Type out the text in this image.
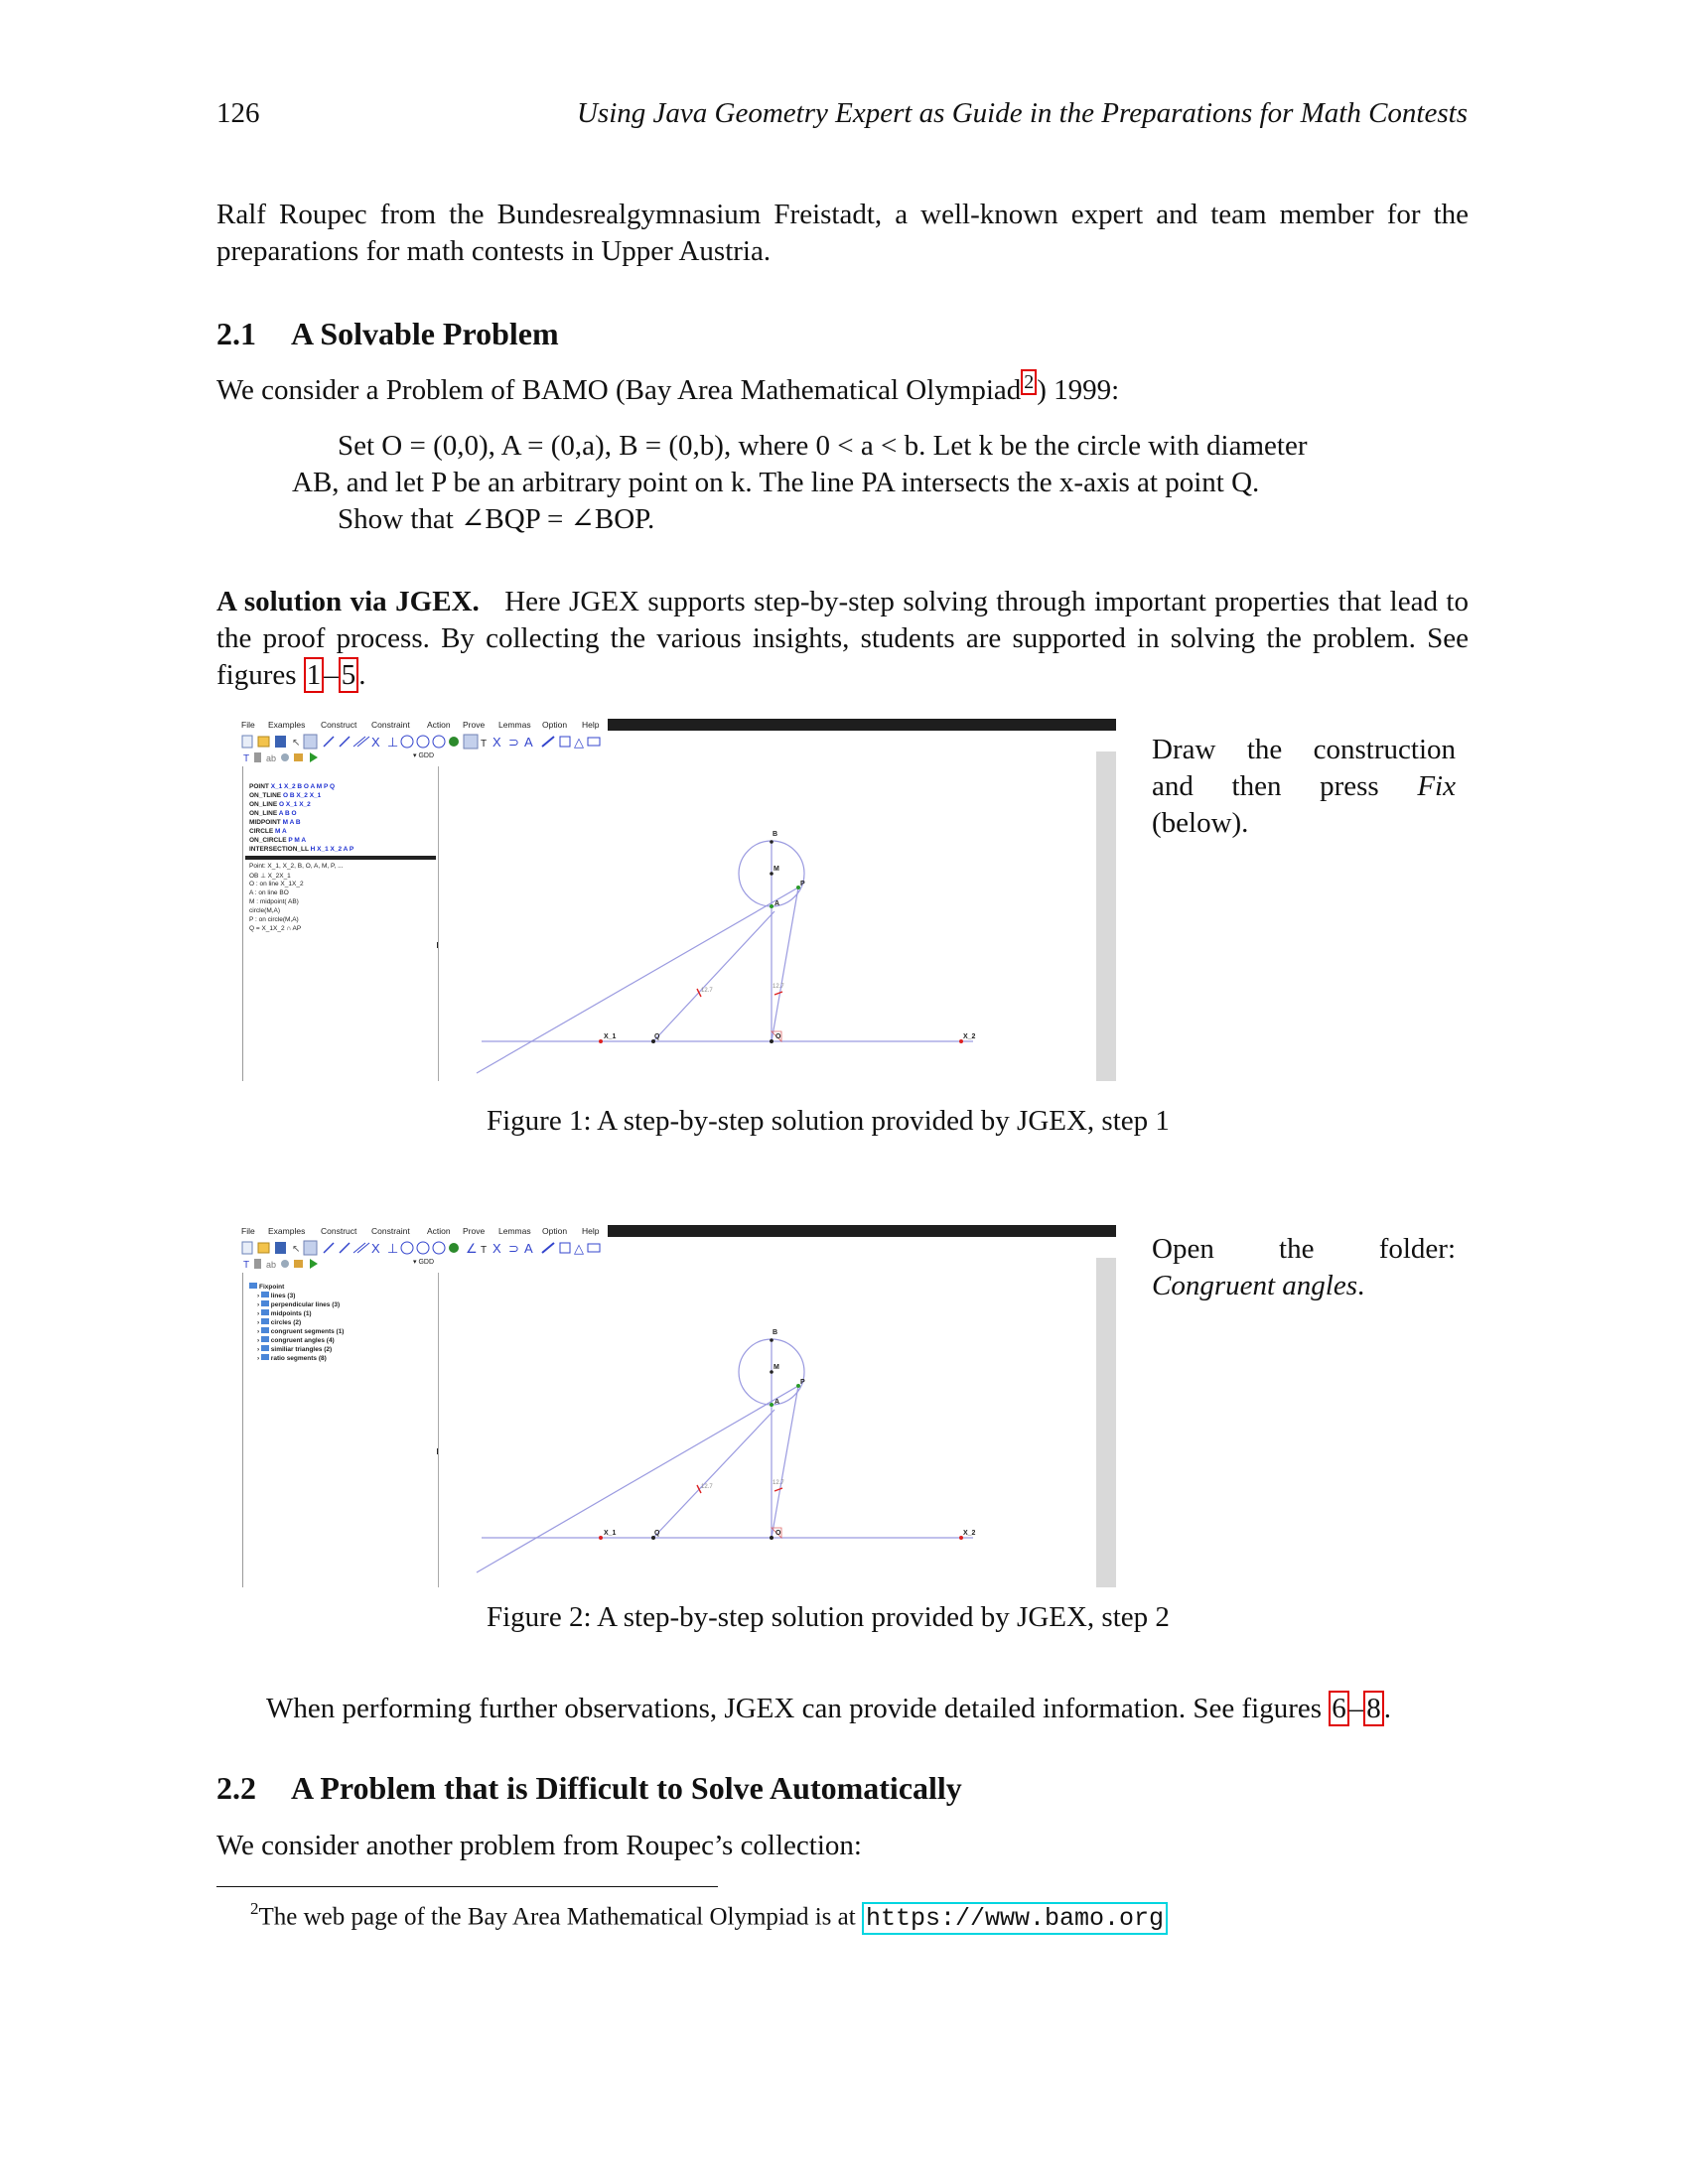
126	Using Java Geometry Expert as Guide in the Preparations for Math Contests

Ralf Roupec from the Bundesrealgymnasium Freistadt, a well-known expert and team member for the preparations for math contests in Upper Austria.

2.1 A Solvable Problem

We consider a Problem of BAMO (Bay Area Mathematical Olympiad $^2$ ) 1999:

Set O = (0,0), A = (0,a), B = (0,b), where 0 < a < b. Let k be the circle with diameter
AB, and let P be an arbitrary point on k. The line PA intersects the x-axis at point Q.
Show that ∠BQP = ∠BOP.

A solution via JGEX. Here JGEX supports step-by-step solving through important properties that lead to the proof process. By collecting the various insights, students are supported in solving the problem. See figures 1 – 5 .

File Examples Construct Constraint Action Prove Lemmas Option Help
↖	X ⊥	T X ⊃ A	△
T ab	▾ GDD
POINT X_1 X_2 B O A M P Q
ON_TLINE O B X_2 X_1
ON_LINE O X_1 X_2
ON_LINE A B O
MIDPOINT M A B
CIRCLE M A
ON_CIRCLE P M A
INTERSECTION_LL H X_1 X_2 A P
Point: X_1, X_2, B, O, A, M, P, ...
OB ⊥ X_2X_1
O : on line X_1X_2
A : on line BO
M : midpoint( AB)
circle(M,A)
P : on circle(M,A)
Q = X_1X_2 ∩ AP
B
M
P
A
Q	O
X_1	X_2
12.7
12.7
Draw the construction and then press Fix (below).
Figure 1: A step-by-step solution provided by JGEX, step 1
File Examples Construct Constraint Action Prove Lemmas Option Help
↖	X ⊥	∠ T X ⊃ A	△
T ab	▾ GDD
Fixpoint
›  lines (3)
›  perpendicular lines (3)
›  midpoints (1)
›  circles (2)
›  congruent segments (1)
›  congruent angles (4)
›  similiar triangles (2)
›  ratio segments (8)
B
M
P
A
Q	O
X_1	X_2
12.7
12.7
Open the folder: Congruent angles.
Figure 2: A step-by-step solution provided by JGEX, step 2

When performing further observations, JGEX can provide detailed information. See figures 6 – 8 .

2.2 A Problem that is Difficult to Solve Automatically

We consider another problem from Roupec’s collection:

$^2$The web page of the Bay Area Mathematical Olympiad is at https://www.bamo.org
